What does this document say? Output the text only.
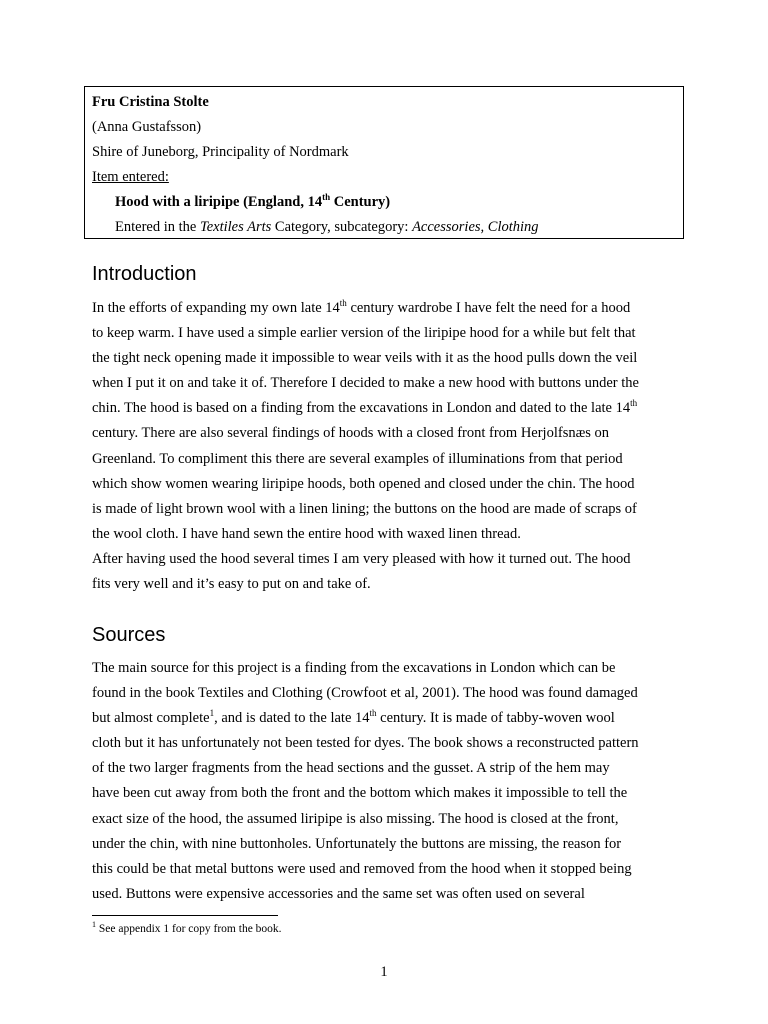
Fru Cristina Stolte
(Anna Gustafsson)
Shire of Juneborg, Principality of Nordmark
Item entered:
Hood with a liripipe (England, 14th Century)
Entered in the Textiles Arts Category, subcategory: Accessories, Clothing
Introduction
In the efforts of expanding my own late 14th century wardrobe I have felt the need for a hood
to keep warm. I have used a simple earlier version of the liripipe hood for a while but felt that
the tight neck opening made it impossible to wear veils with it as the hood pulls down the veil
when I put it on and take it of. Therefore I decided to make a new hood with buttons under the
chin. The hood is based on a finding from the excavations in London and dated to the late 14th
century. There are also several findings of hoods with a closed front from Herjolfsnæs on
Greenland. To compliment this there are several examples of illuminations from that period
which show women wearing liripipe hoods, both opened and closed under the chin. The hood
is made of light brown wool with a linen lining; the buttons on the hood are made of scraps of
the wool cloth. I have hand sewn the entire hood with waxed linen thread.
After having used the hood several times I am very pleased with how it turned out. The hood
fits very well and it’s easy to put on and take of.
Sources
The main source for this project is a finding from the excavations in London which can be
found in the book Textiles and Clothing (Crowfoot et al, 2001). The hood was found damaged
but almost complete$^1$, and is dated to the late 14th century. It is made of tabby-woven wool
cloth but it has unfortunately not been tested for dyes. The book shows a reconstructed pattern
of the two larger fragments from the head sections and the gusset. A strip of the hem may
have been cut away from both the front and the bottom which makes it impossible to tell the
exact size of the hood, the assumed liripipe is also missing. The hood is closed at the front,
under the chin, with nine buttonholes. Unfortunately the buttons are missing, the reason for
this could be that metal buttons were used and removed from the hood when it stopped being
used. Buttons were expensive accessories and the same set was often used on several
$^1$ See appendix 1 for copy from the book.
1
